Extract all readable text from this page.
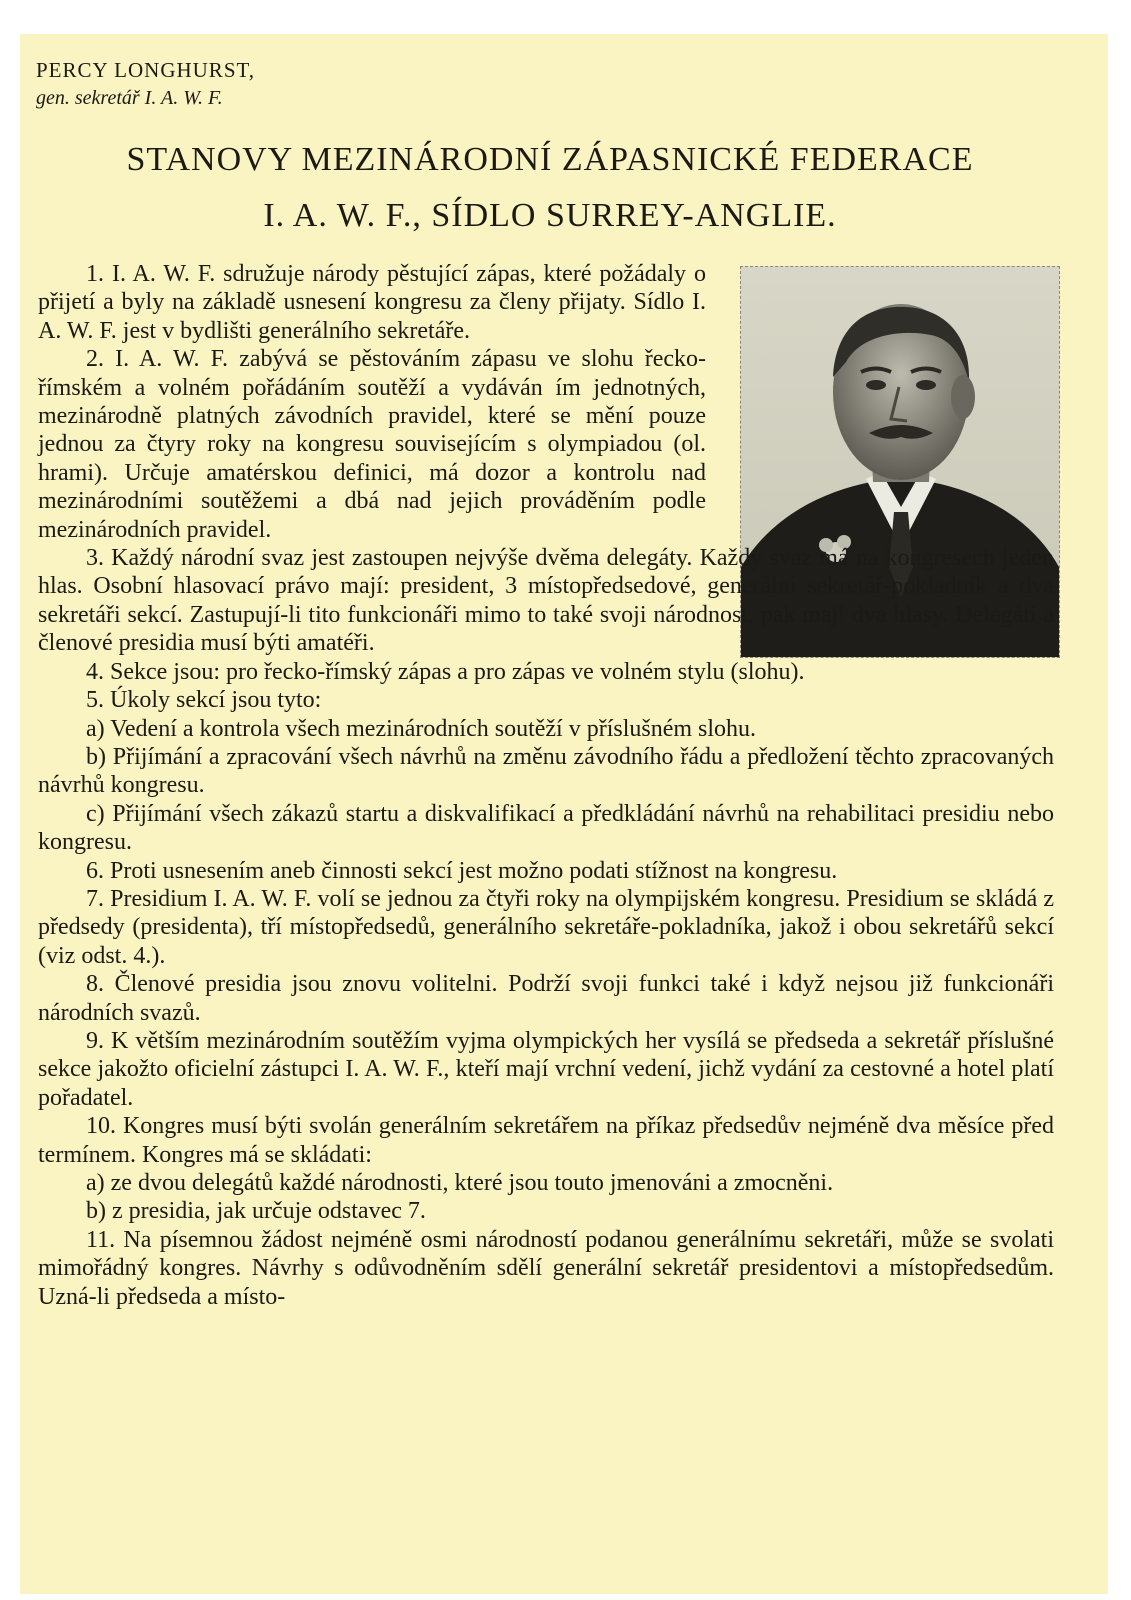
PERCY LONGHURST,
gen. sekretář I. A. W. F.
STANOVY MEZINÁRODNÍ ZÁPASNICKÉ FEDERACE
I. A. W. F., SÍDLO SURREY-ANGLIE.

1. I. A. W. F. sdružuje národy pěstující zápas, které požádaly o přijetí a byly na základě usnesení kongresu za členy přijaty. Sídlo I. A. W. F. jest v bydlišti generálního sekretáře.

2. I. A. W. F. zabývá se pěstováním zápasu ve slohu řecko-římském a volném pořádáním soutěží a vydáván ím jednotných, mezinárodně platných závodních pravidel, které se mění pouze jednou za čtyry roky na kongresu souvisejícím s olympiadou (ol. hrami). Určuje amatérskou definici, má dozor a kontrolu nad mezinárodními soutěžemi a dbá nad jejich prováděním podle mezinárodních pravidel.

3. Každý národní svaz jest zastoupen nejvýše dvěma delegáty. Každý svaz má na kongresech jeden hlas. Osobní hlasovací právo mají: president, 3 místopředsedové, generální sekretář-pokladník a dva sekretáři sekcí. Zastupují-li tito funkcionáři mimo to také svoji národnost, pak mají dva hlasy. Delegáti a členové presidia musí býti amatéři.

4. Sekce jsou: pro řecko-římský zápas a pro zápas ve volném stylu (slohu).

5. Úkoly sekcí jsou tyto:

a) Vedení a kontrola všech mezinárodních soutěží v příslušném slohu.

b) Přijímání a zpracování všech návrhů na změnu závodního řádu a předložení těchto zpracovaných návrhů kongresu.

c) Přijímání všech zákazů startu a diskvalifikací a předkládání návrhů na rehabilitaci presidiu nebo kongresu.

6. Proti usnesením aneb činnosti sekcí jest možno podati stížnost na kongresu.

7. Presidium I. A. W. F. volí se jednou za čtyři roky na olympijském kongresu. Presidium se skládá z předsedy (presidenta), tří místopředsedů, generálního sekretáře-pokladníka, jakož i obou sekretářů sekcí (viz odst. 4.).

8. Členové presidia jsou znovu volitelni. Podrží svoji funkci také i když nejsou již funkcionáři národních svazů.

9. K větším mezinárodním soutěžím vyjma olympických her vysílá se předseda a sekretář příslušné sekce jakožto oficielní zástupci I. A. W. F., kteří mají vrchní vedení, jichž vydání za cestovné a hotel platí pořadatel.

10. Kongres musí býti svolán generálním sekretářem na příkaz předsedův nejméně dva měsíce před termínem. Kongres má se skládati:

a) ze dvou delegátů každé národnosti, které jsou touto jmenováni a zmocněni.

b) z presidia, jak určuje odstavec 7.

11. Na písemnou žádost nejméně osmi národností podanou generálnímu sekretáři, může se svolati mimořádný kongres. Návrhy s odůvodněním sdělí generální sekretář presidentovi a místopředsedům. Uzná-li předseda a místo-
